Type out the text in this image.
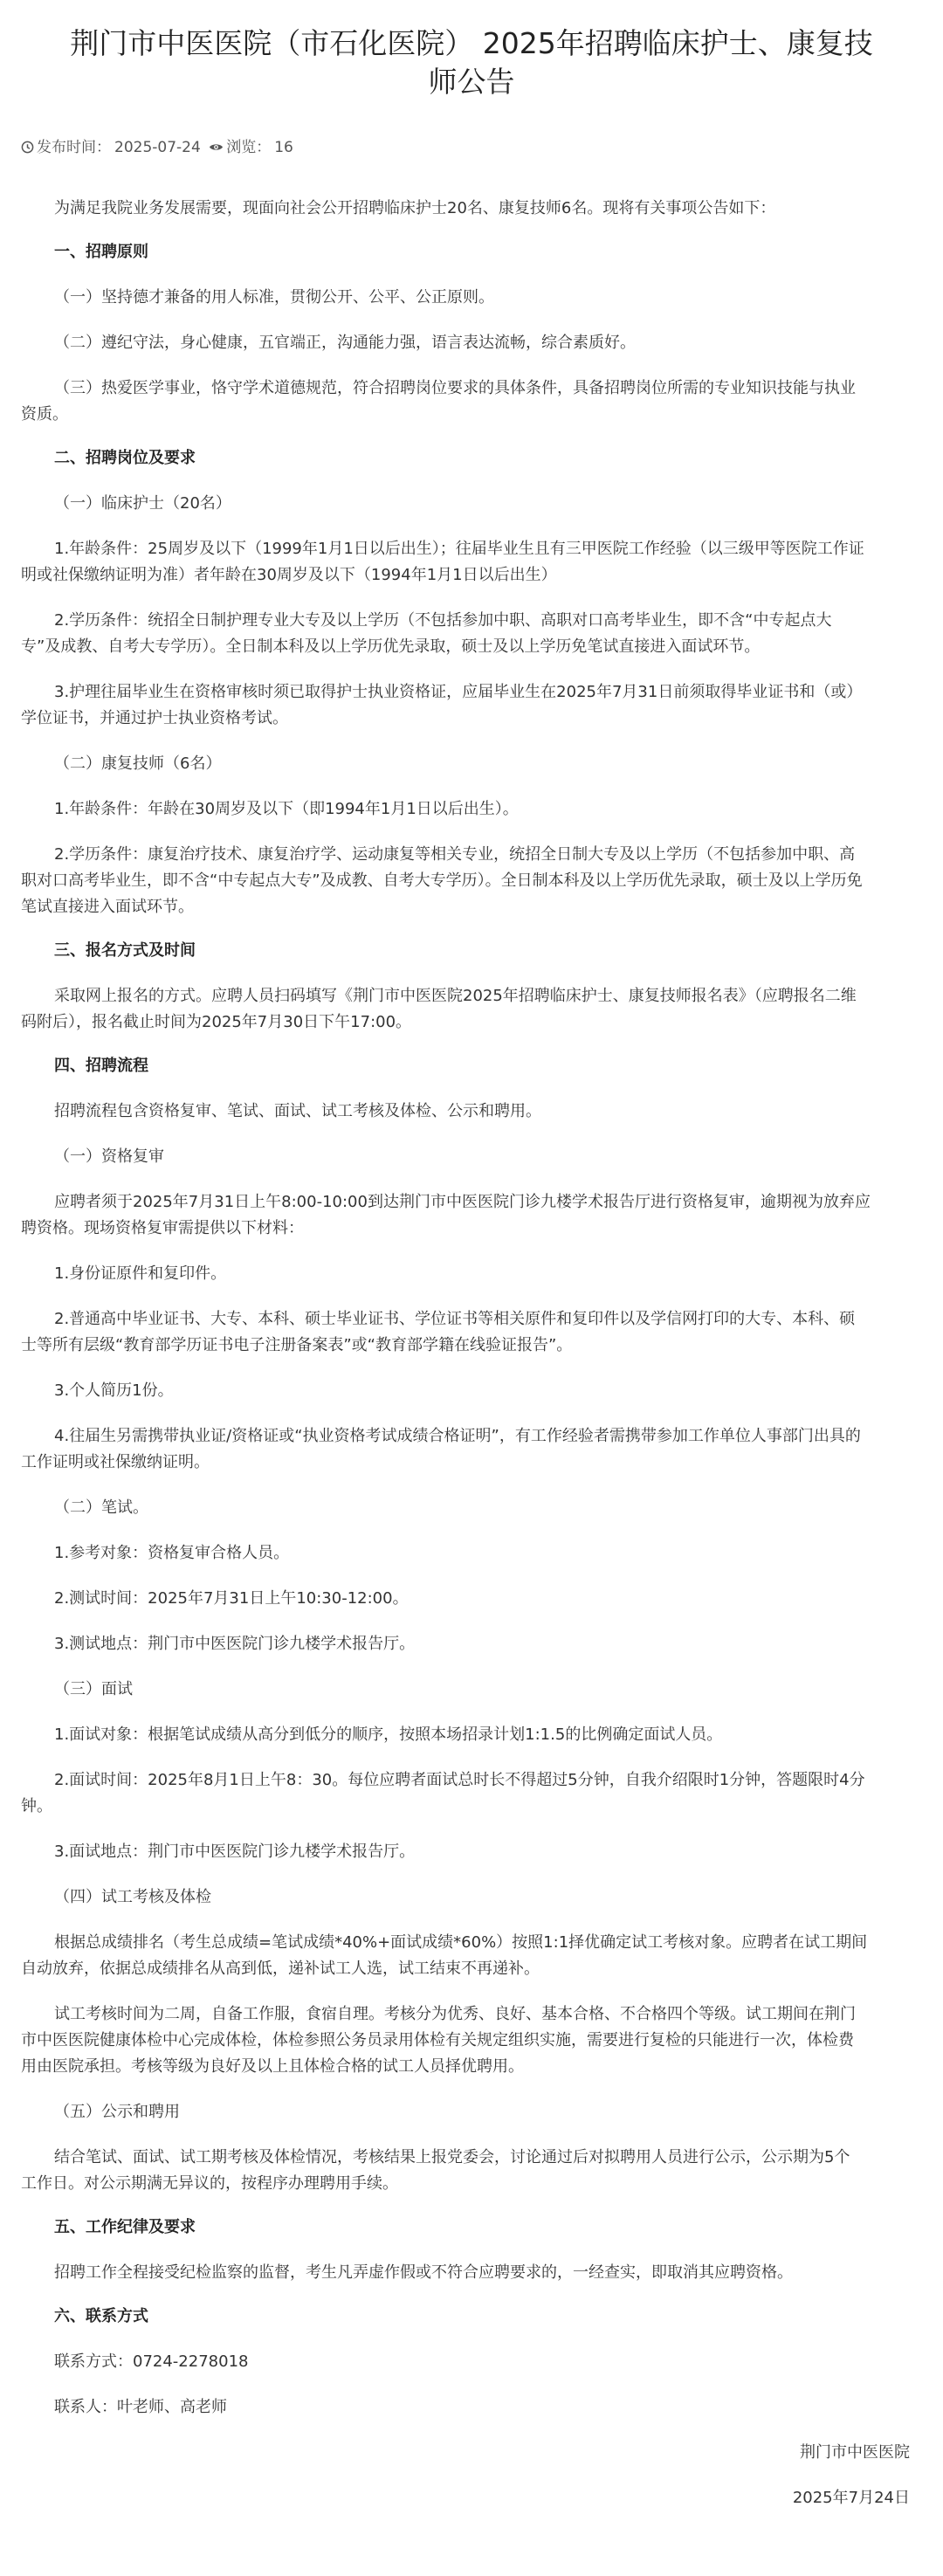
荆门市中医医院（市石化医院） 2025年招聘临床护士、康复技
师公告
发布时间： 2025-07-24 浏览： 16

为满足我院业务发展需要，现面向社会公开招聘临床护士20名、康复技师6名。现将有关事项公告如下：

一、招聘原则

（一）坚持德才兼备的用人标准，贯彻公开、公平、公正原则。

（二）遵纪守法，身心健康，五官端正，沟通能力强，语言表达流畅，综合素质好。

（三）热爱医学事业，恪守学术道德规范，符合招聘岗位要求的具体条件，具备招聘岗位所需的专业知识技能与执业

资质。

二、招聘岗位及要求

（一）临床护士（20名）

1.年龄条件：25周岁及以下（1999年1月1日以后出生）；往届毕业生且有三甲医院工作经验（以三级甲等医院工作证

明或社保缴纳证明为准）者年龄在30周岁及以下（1994年1月1日以后出生）

2.学历条件：统招全日制护理专业大专及以上学历（不包括参加中职、高职对口高考毕业生，即不含“中专起点大

专”及成教、自考大专学历）。全日制本科及以上学历优先录取，硕士及以上学历免笔试直接进入面试环节。

3.护理往届毕业生在资格审核时须已取得护士执业资格证，应届毕业生在2025年7月31日前须取得毕业证书和（或）

学位证书，并通过护士执业资格考试。

（二）康复技师（6名）

1.年龄条件：年龄在30周岁及以下（即1994年1月1日以后出生）。

2.学历条件：康复治疗技术、康复治疗学、运动康复等相关专业，统招全日制大专及以上学历（不包括参加中职、高

职对口高考毕业生，即不含“中专起点大专”及成教、自考大专学历）。全日制本科及以上学历优先录取，硕士及以上学历免

笔试直接进入面试环节。

三、报名方式及时间

采取网上报名的方式。应聘人员扫码填写《荆门市中医医院2025年招聘临床护士、康复技师报名表》（应聘报名二维

码附后），报名截止时间为2025年7月30日下午17:00。

四、招聘流程

招聘流程包含资格复审、笔试、面试、试工考核及体检、公示和聘用。

（一）资格复审

应聘者须于2025年7月31日上午8:00-10:00到达荆门市中医医院门诊九楼学术报告厅进行资格复审，逾期视为放弃应

聘资格。现场资格复审需提供以下材料：

1.身份证原件和复印件。

2.普通高中毕业证书、大专、本科、硕士毕业证书、学位证书等相关原件和复印件以及学信网打印的大专、本科、硕

士等所有层级“教育部学历证书电子注册备案表”或“教育部学籍在线验证报告”。

3.个人简历1份。

4.往届生另需携带执业证/资格证或“执业资格考试成绩合格证明”，有工作经验者需携带参加工作单位人事部门出具的

工作证明或社保缴纳证明。

（二）笔试。

1.参考对象：资格复审合格人员。

2.测试时间：2025年7月31日上午10:30-12:00。

3.测试地点：荆门市中医医院门诊九楼学术报告厅。

（三）面试

1.面试对象：根据笔试成绩从高分到低分的顺序，按照本场招录计划1:1.5的比例确定面试人员。

2.面试时间：2025年8月1日上午8：30。每位应聘者面试总时长不得超过5分钟，自我介绍限时1分钟，答题限时4分

钟。

3.面试地点：荆门市中医医院门诊九楼学术报告厅。

（四）试工考核及体检

根据总成绩排名（考生总成绩=笔试成绩*40%+面试成绩*60%）按照1:1择优确定试工考核对象。应聘者在试工期间

自动放弃，依据总成绩排名从高到低，递补试工人选，试工结束不再递补。

试工考核时间为二周，自备工作服，食宿自理。考核分为优秀、良好、基本合格、不合格四个等级。试工期间在荆门

市中医医院健康体检中心完成体检，体检参照公务员录用体检有关规定组织实施，需要进行复检的只能进行一次，体检费

用由医院承担。考核等级为良好及以上且体检合格的试工人员择优聘用。

（五）公示和聘用

结合笔试、面试、试工期考核及体检情况，考核结果上报党委会，讨论通过后对拟聘用人员进行公示，公示期为5个

工作日。对公示期满无异议的，按程序办理聘用手续。

五、工作纪律及要求

招聘工作全程接受纪检监察的监督，考生凡弄虚作假或不符合应聘要求的，一经查实，即取消其应聘资格。

六、联系方式

联系方式：0724-2278018

联系人：叶老师、高老师

荆门市中医医院

2025年7月24日
